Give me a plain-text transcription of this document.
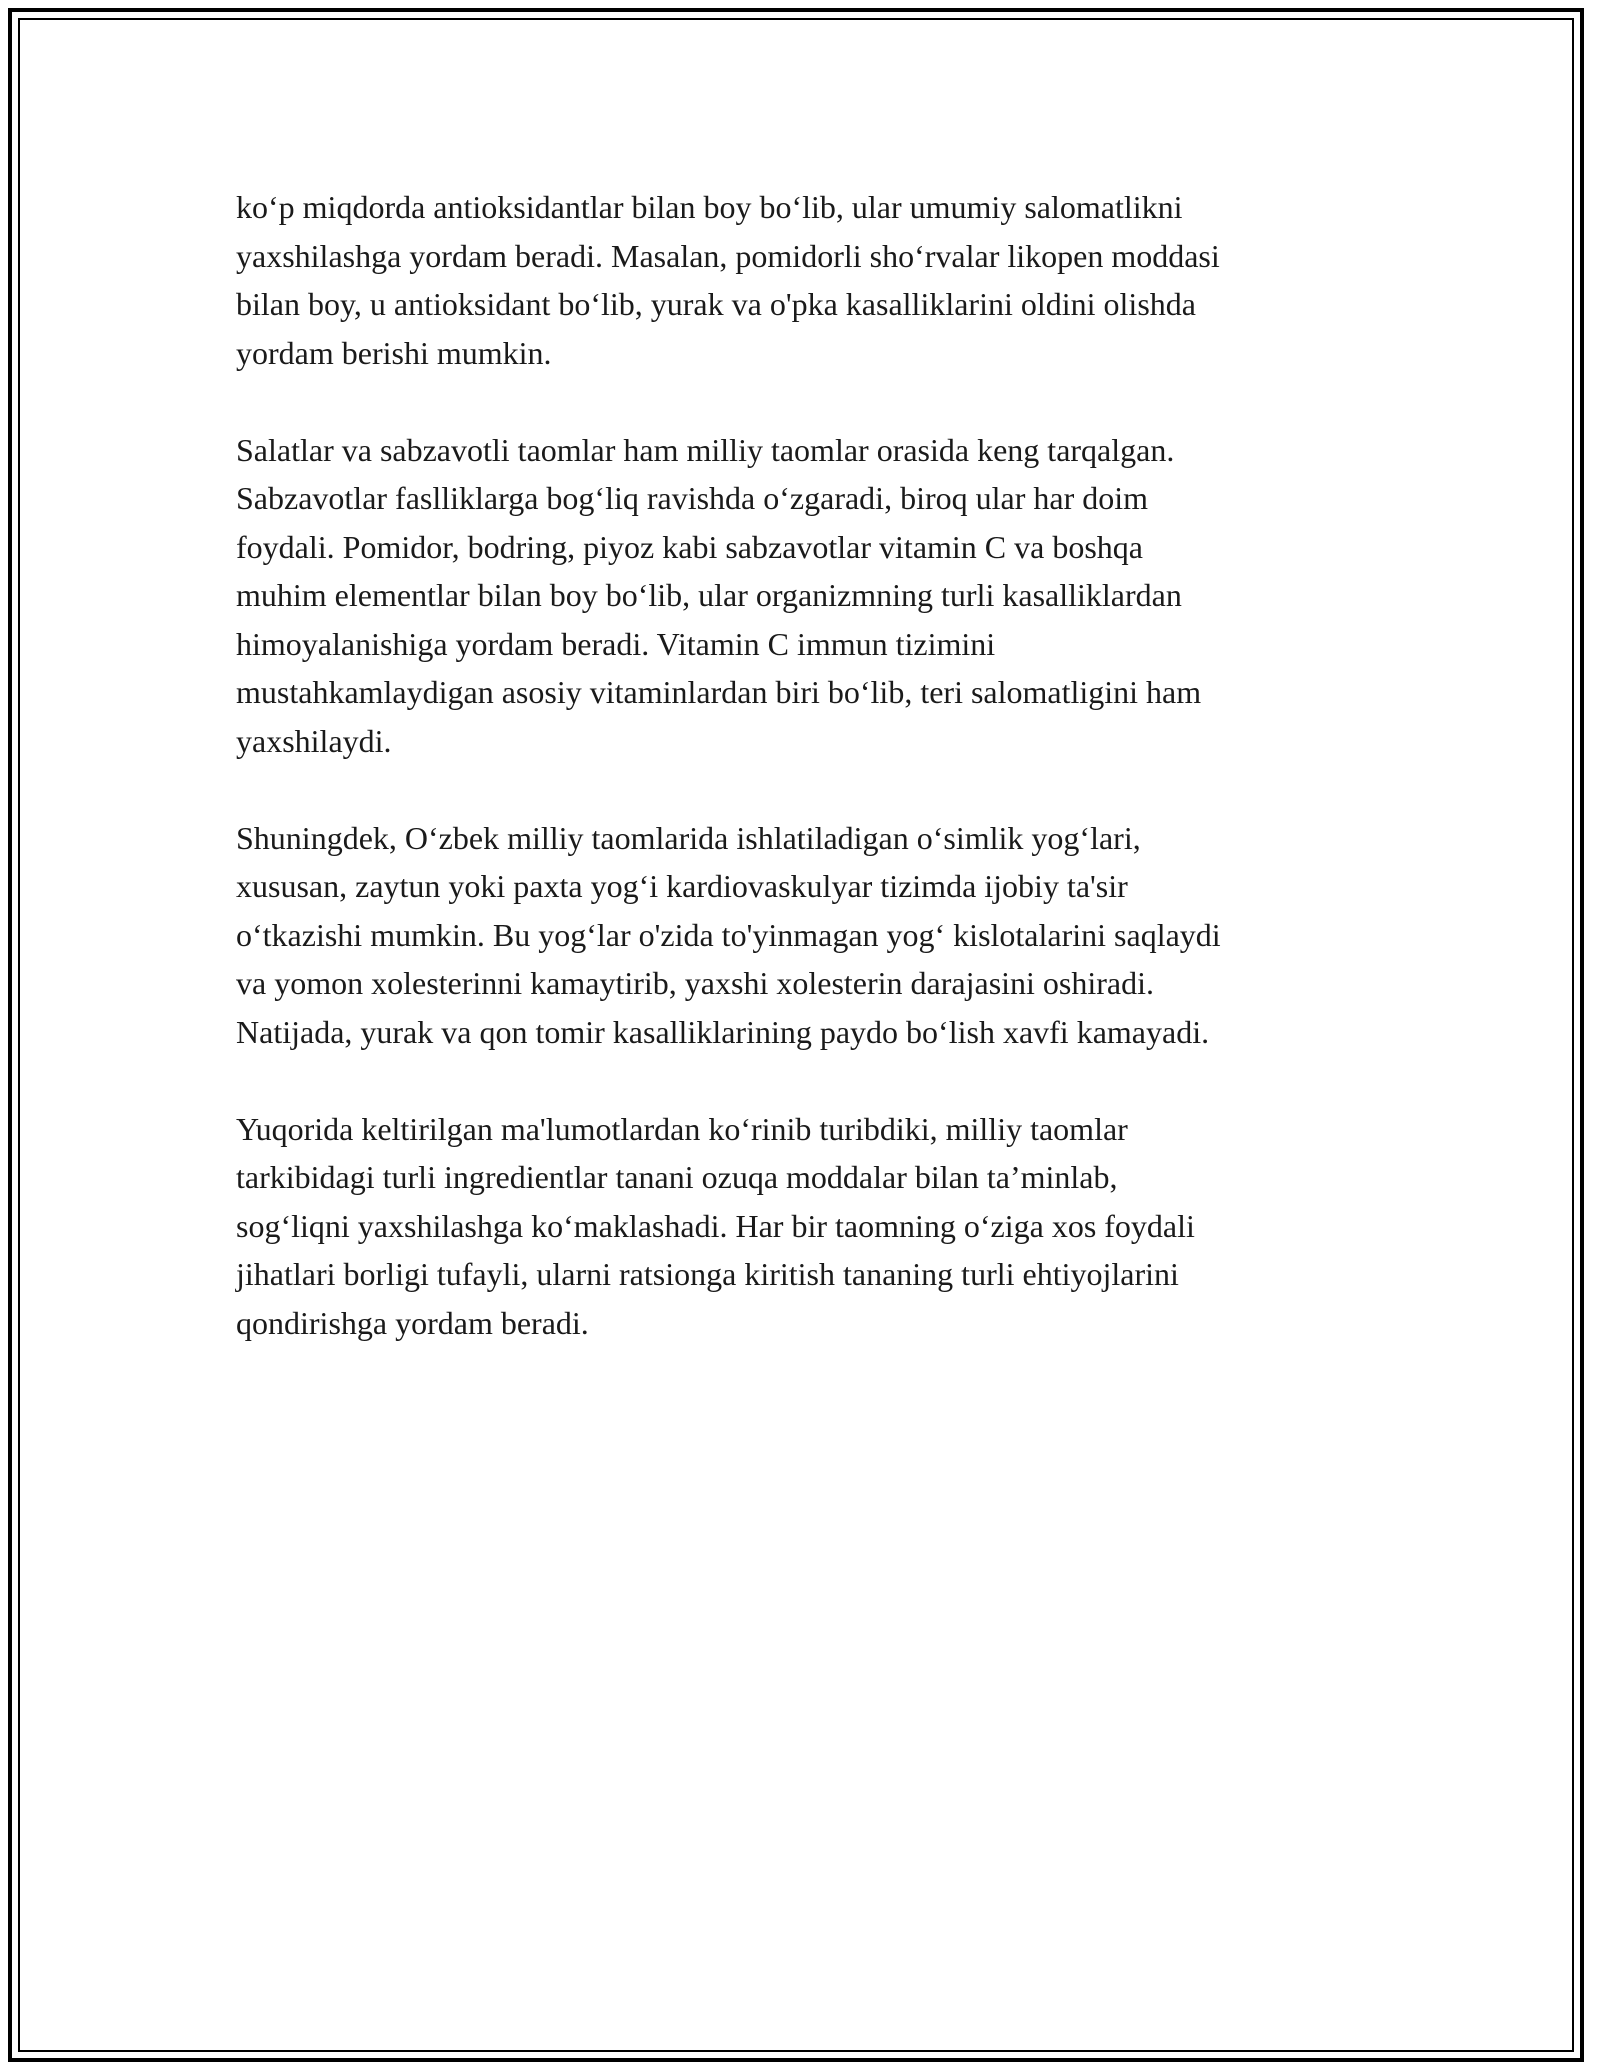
ko‘p miqdorda antioksidantlar bilan boy bo‘lib, ular umumiy salomatlikni
yaxshilashga yordam beradi. Masalan, pomidorli sho‘rvalar likopen moddasi
bilan boy, u antioksidant bo‘lib, yurak va o'pka kasalliklarini oldini olishda
yordam berishi mumkin.

Salatlar va sabzavotli taomlar ham milliy taomlar orasida keng tarqalgan.
Sabzavotlar faslliklarga bog‘liq ravishda o‘zgaradi, biroq ular har doim
foydali. Pomidor, bodring, piyoz kabi sabzavotlar vitamin C va boshqa
muhim elementlar bilan boy bo‘lib, ular organizmning turli kasalliklardan
himoyalanishiga yordam beradi. Vitamin C immun tizimini
mustahkamlaydigan asosiy vitaminlardan biri bo‘lib, teri salomatligini ham
yaxshilaydi.

Shuningdek, O‘zbek milliy taomlarida ishlatiladigan o‘simlik yog‘lari,
xususan, zaytun yoki paxta yog‘i kardiovaskulyar tizimda ijobiy ta'sir
o‘tkazishi mumkin. Bu yog‘lar o'zida to'yinmagan yog‘ kislotalarini saqlaydi
va yomon xolesterinni kamaytirib, yaxshi xolesterin darajasini oshiradi.
Natijada, yurak va qon tomir kasalliklarining paydo bo‘lish xavfi kamayadi.

Yuqorida keltirilgan ma'lumotlardan ko‘rinib turibdiki, milliy taomlar
tarkibidagi turli ingredientlar tanani ozuqa moddalar bilan ta’minlab,
sog‘liqni yaxshilashga ko‘maklashadi. Har bir taomning o‘ziga xos foydali
jihatlari borligi tufayli, ularni ratsionga kiritish tananing turli ehtiyojlarini
qondirishga yordam beradi.
